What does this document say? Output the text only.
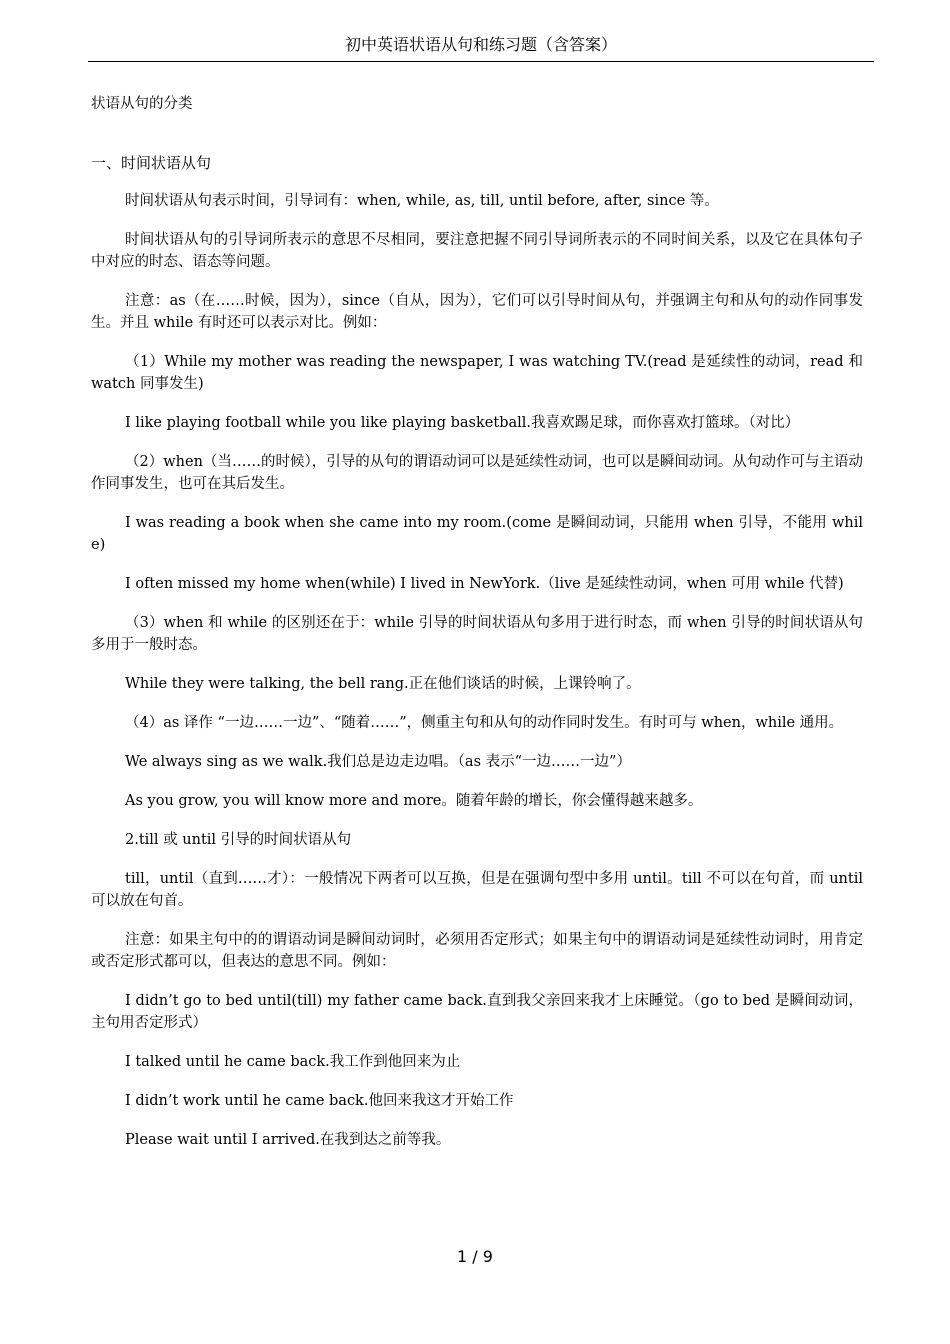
初中英语状语从句和练习题（含答案）

状语从句的分类

一、时间状语从句

时间状语从句表示时间，引导词有：when, while, as, till, until before, after, since 等。

时间状语从句的引导词所表示的意思不尽相同，要注意把握不同引导词所表示的不同时间关系，以及它在具体句子中对应的时态、语态等问题。

注意：as（在……时候，因为），since（自从，因为），它们可以引导时间从句，并强调主句和从句的动作同事发生。并且 while 有时还可以表示对比。例如：

（1）While my mother was reading the newspaper, I was watching TV.(read 是延续性的动词，read 和 watch 同事发生)

I like playing football while you like playing basketball.我喜欢踢足球，而你喜欢打篮球。（对比）

（2）when（当……的时候），引导的从句的谓语动词可以是延续性动词，也可以是瞬间动词。从句动作可与主语动作同事发生，也可在其后发生。

I was reading a book when she came into my room.(come 是瞬间动词，只能用 when 引导，不能用 while)

I often missed my home when(while) I lived in NewYork.（live 是延续性动词，when 可用 while 代替)

（3）when 和 while 的区别还在于：while 引导的时间状语从句多用于进行时态，而 when 引导的时间状语从句多用于一般时态。

While they were talking, the bell rang.正在他们谈话的时候，上课铃响了。

（4）as 译作 “一边……一边”、“随着……”，侧重主句和从句的动作同时发生。有时可与 when，while 通用。

We always sing as we walk.我们总是边走边唱。（as 表示“一边……一边”）

As you grow, you will know more and more。随着年龄的增长，你会懂得越来越多。

2.till 或 until 引导的时间状语从句

till，until（直到……才）：一般情况下两者可以互换，但是在强调句型中多用 until。till 不可以在句首，而 until 可以放在句首。

注意：如果主句中的的谓语动词是瞬间动词时，必须用否定形式；如果主句中的谓语动词是延续性动词时，用肯定或否定形式都可以，但表达的意思不同。例如：

I didn’t go to bed until(till) my father came back.直到我父亲回来我才上床睡觉。（go to bed 是瞬间动词，主句用否定形式）

I talked until he came back.我工作到他回来为止

I didn’t work until he came back.他回来我这才开始工作

Please wait until I arrived.在我到达之前等我。

1 / 9
